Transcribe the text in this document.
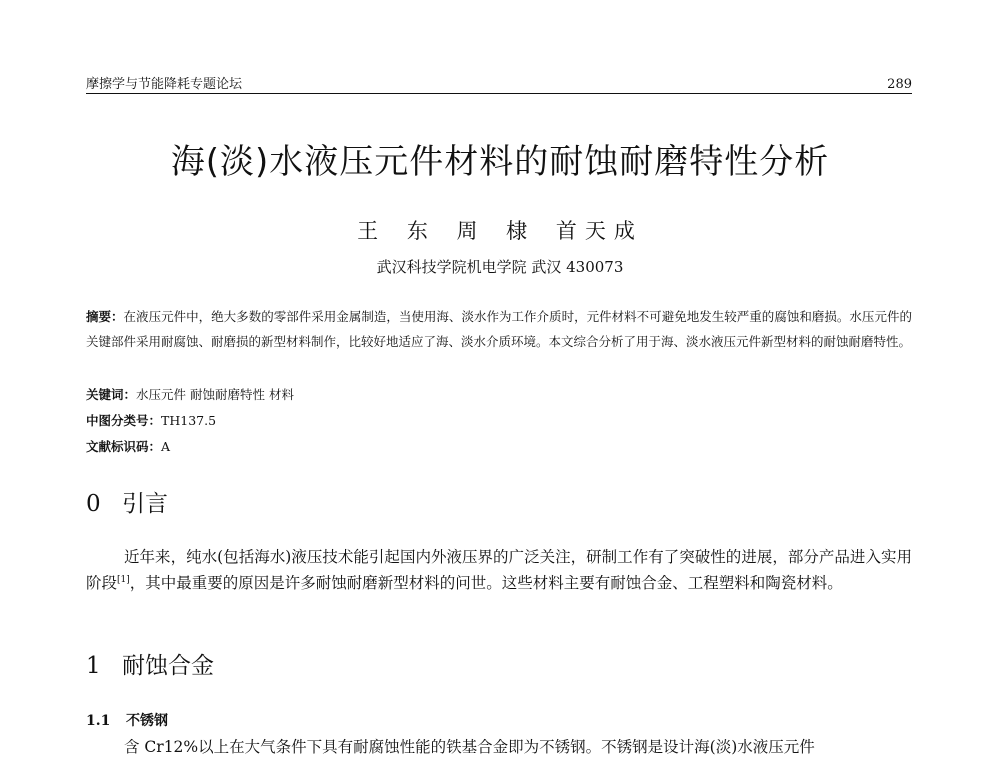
摩擦学与节能降耗专题论坛	289
海(淡)水液压元件材料的耐蚀耐磨特性分析
王 东 周 棣 首天成
武汉科技学院机电学院 武汉 430073
摘要：在液压元件中，绝大多数的零部件采用金属制造，当使用海、淡水作为工作介质时，元件材料不可避免地发生较严重的腐蚀和磨损。水压元件的关键部件采用耐腐蚀、耐磨损的新型材料制作，比较好地适应了海、淡水介质环境。本文综合分析了用于海、淡水液压元件新型材料的耐蚀耐磨特性。
关键词：水压元件 耐蚀耐磨特性 材料
中图分类号：TH137.5
文献标识码：A
0 引言

近年来，纯水(包括海水)液压技术能引起国内外液压界的广泛关注，研制工作有了突破性的进展，部分产品进入实用阶段[1]，其中最重要的原因是许多耐蚀耐磨新型材料的问世。这些材料主要有耐蚀合金、工程塑料和陶瓷材料。

1 耐蚀合金
1.1 不锈钢

含 Cr12%以上在大气条件下具有耐腐蚀性能的铁基合金即为不锈钢。不锈钢是设计海(淡)水液压元件
